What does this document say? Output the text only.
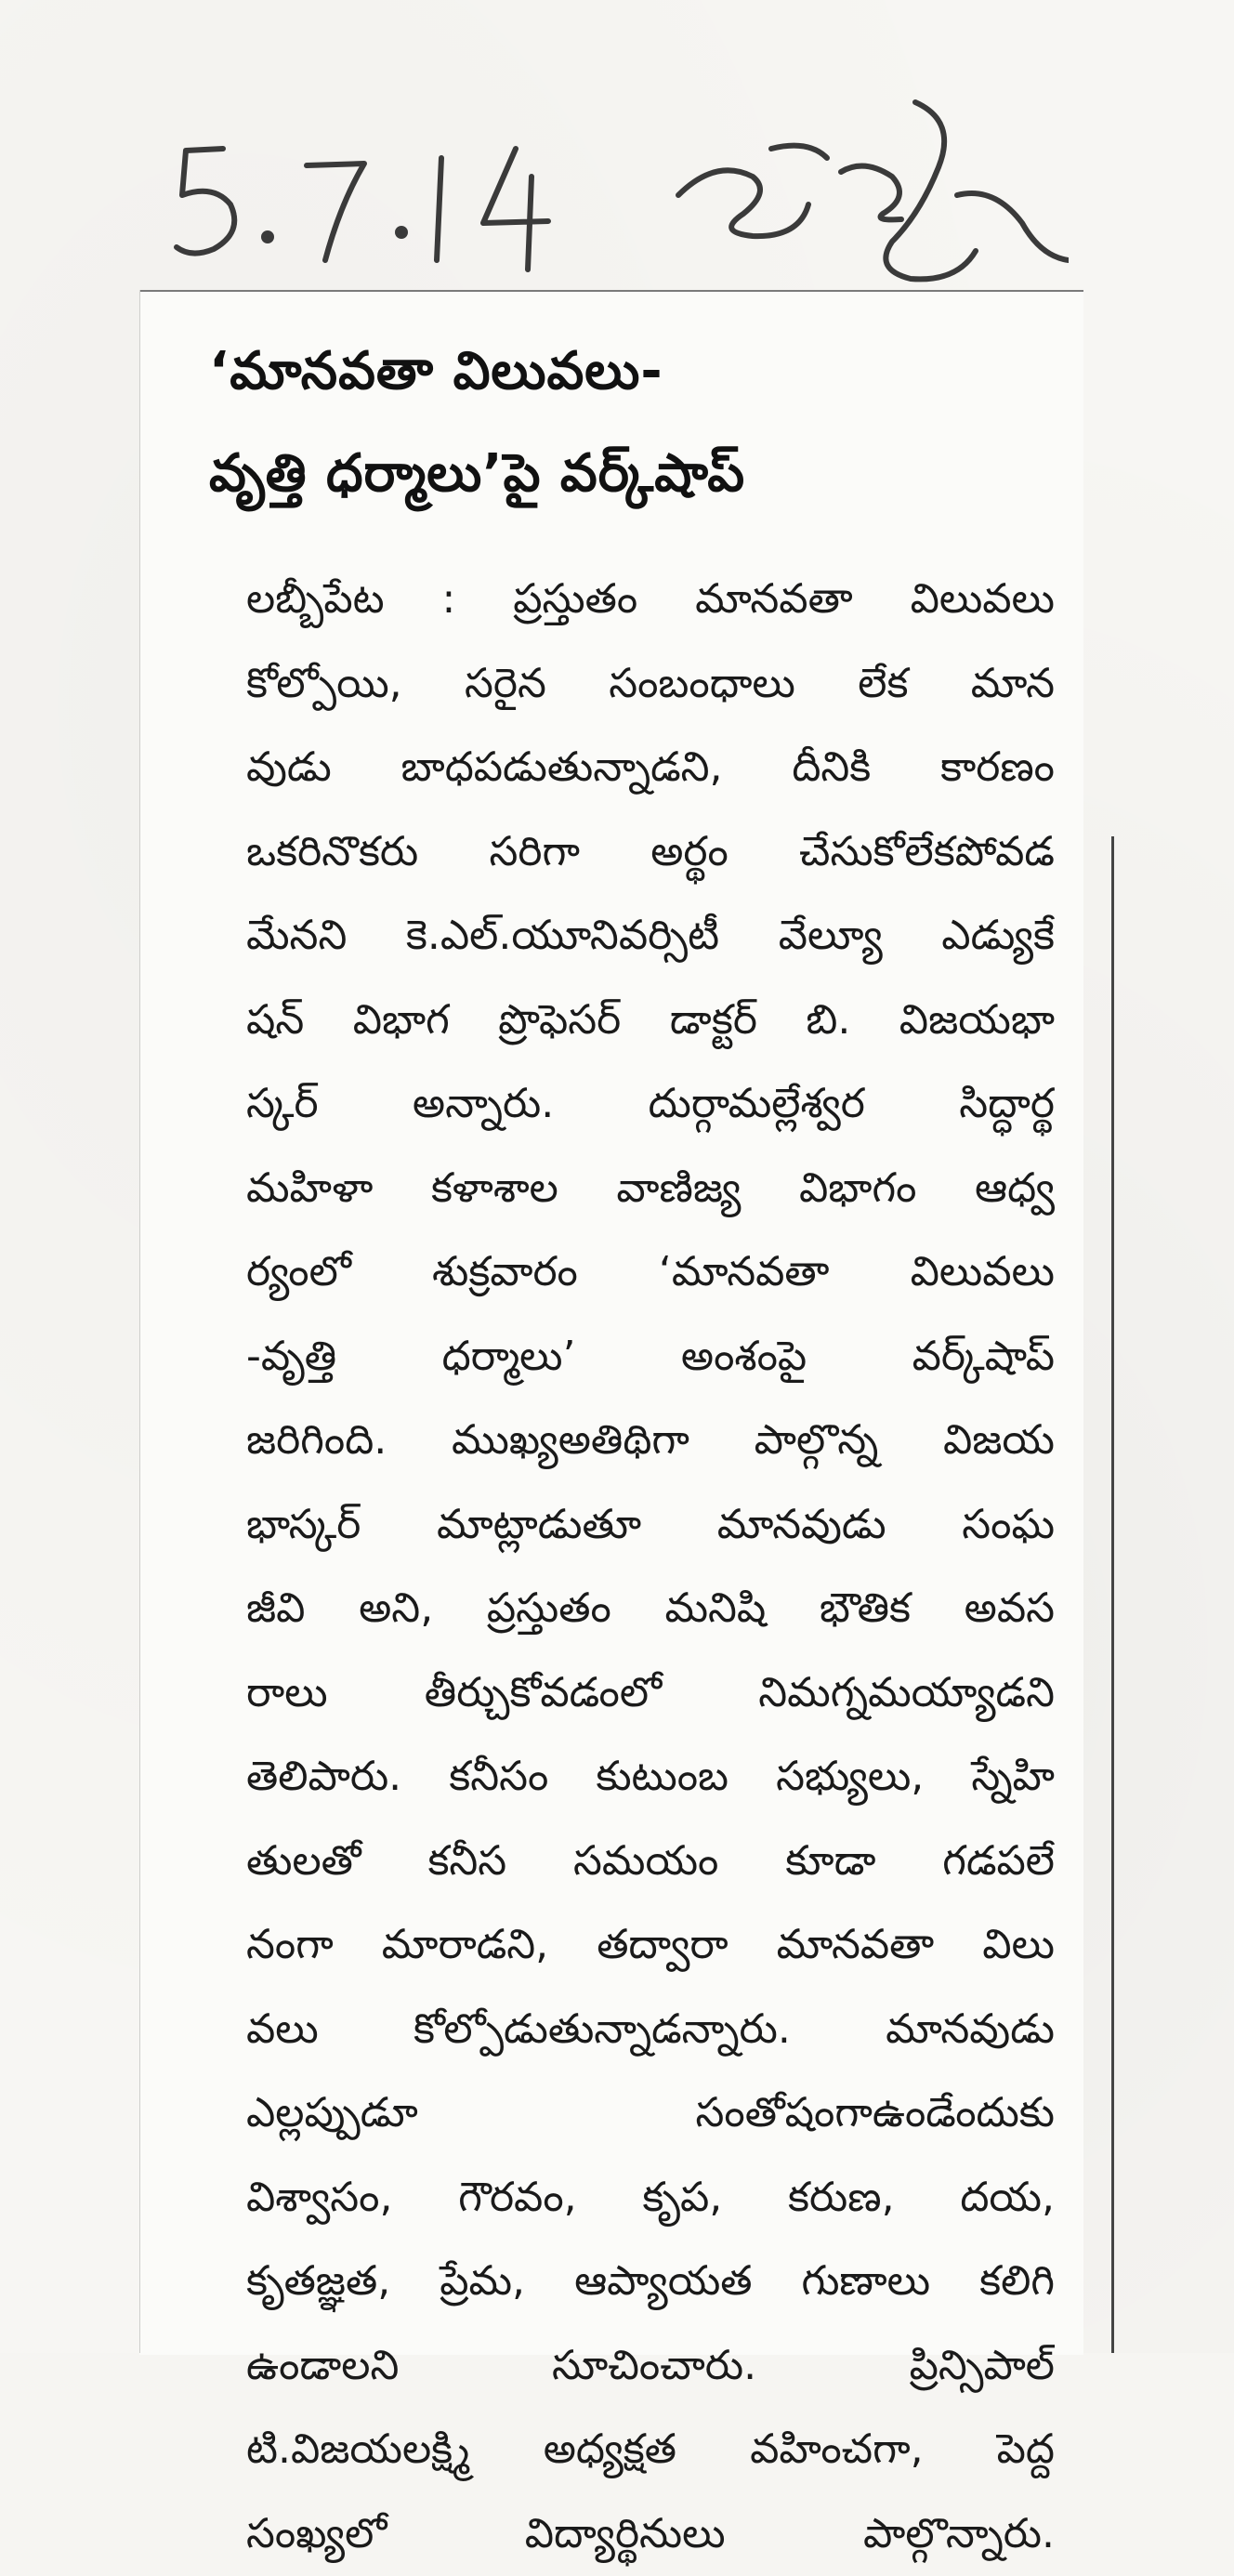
‘మానవతా విలువలు-
వృత్తి ధర్మాలు’పై వర్క్‌షాప్
లబ్బీపేట : ప్రస్తుతం మానవతా విలువలు
కోల్పోయి, సరైన సంబంధాలు లేక మాన
వుడు బాధపడుతున్నాడని, దీనికి కారణం
ఒకరినొకరు సరిగా అర్థం చేసుకోలేకపోవడ
మేనని కె.ఎల్.యూనివర్సిటీ వేల్యూ ఎడ్యుకే
షన్ విభాగ ప్రొఫెసర్ డాక్టర్ బి. విజయభా
స్కర్ అన్నారు. దుర్గామల్లేశ్వర సిద్ధార్థ
మహిళా కళాశాల వాణిజ్య విభాగం ఆధ్వ
ర్యంలో శుక్రవారం ‘మానవతా విలువలు
-వృత్తి ధర్మాలు’ అంశంపై వర్క్‌షాప్
జరిగింది. ముఖ్యఅతిథిగా పాల్గొన్న విజయ
భాస్కర్ మాట్లాడుతూ మానవుడు సంఘ
జీవి అని, ప్రస్తుతం మనిషి భౌతిక అవస
రాలు తీర్చుకోవడంలో నిమగ్నమయ్యాడని
తెలిపారు. కనీసం కుటుంబ సభ్యులు, స్నేహి
తులతో కనీస సమయం కూడా గడపలే
నంగా మారాడని, తద్వారా మానవతా విలు
వలు కోల్పోడుతున్నాడన్నారు. మానవుడు
ఎల్లప్పుడూ సంతోషంగాఉండేందుకు
విశ్వాసం, గౌరవం, కృప, కరుణ, దయ,
కృతజ్ఞత, ప్రేమ, ఆప్యాయత గుణాలు కలిగి
ఉండాలని సూచించారు. ప్రిన్సిపాల్
టి.విజయలక్ష్మి అధ్యక్షత వహించగా, పెద్ద
సంఖ్యలో విద్యార్థినులు పాల్గొన్నారు.
